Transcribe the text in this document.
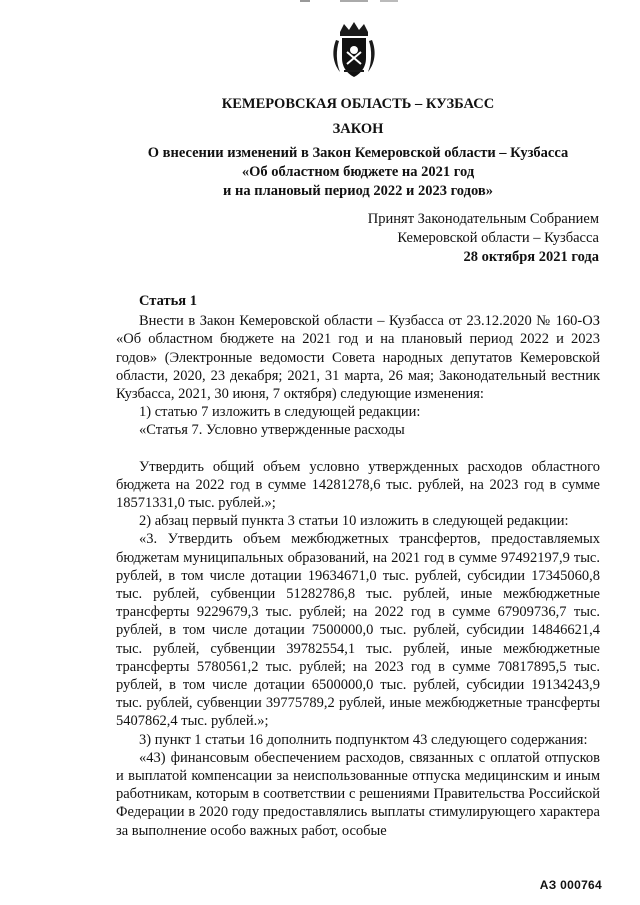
КЕМЕРОВСКАЯ ОБЛАСТЬ – КУЗБАСС
ЗАКОН
О внесении изменений в Закон Кемеровской области – Кузбасса
«Об областном бюджете на 2021 год
и на плановый период 2022 и 2023 годов»
Принят Законодательным Собранием
Кемеровской области – Кузбасса
28 октября 2021 года

Статья 1

Внести в Закон Кемеровской области – Кузбасса от 23.12.2020 № 160-ОЗ «Об областном бюджете на 2021 год и на плановый период 2022 и 2023 годов» (Электронные ведомости Совета народных депутатов Кемеровской области, 2020, 23 декабря; 2021, 31 марта, 26 мая; Законодательный вестник Кузбасса, 2021, 30 июня, 7 октября) следующие изменения:

1) статью 7 изложить в следующей редакции:

«Статья 7. Условно утвержденные расходы

Утвердить общий объем условно утвержденных расходов областного бюджета на 2022 год в сумме 14281278,6 тыс. рублей, на 2023 год в сумме 18571331,0 тыс. рублей.»;

2) абзац первый пункта 3 статьи 10 изложить в следующей редакции:

«3. Утвердить объем межбюджетных трансфертов, предоставляемых бюджетам муниципальных образований, на 2021 год в сумме 97492197,9 тыс. рублей, в том числе дотации 19634671,0 тыс. рублей, субсидии 17345060,8 тыс. рублей, субвенции 51282786,8 тыс. рублей, иные межбюджетные трансферты 9229679,3 тыс. рублей; на 2022 год в сумме 67909736,7 тыс. рублей, в том числе дотации 7500000,0 тыс. рублей, субсидии 14846621,4 тыс. рублей, субвенции 39782554,1 тыс. рублей, иные межбюджетные трансферты 5780561,2 тыс. рублей; на 2023 год в сумме 70817895,5 тыс. рублей, в том числе дотации 6500000,0 тыс. рублей, субсидии 19134243,9 тыс. рублей, субвенции 39775789,2 рублей, иные межбюджетные трансферты 5407862,4 тыс. рублей.»;

3) пункт 1 статьи 16 дополнить подпунктом 43 следующего содержания:

«43) финансовым обеспечением расходов, связанных с оплатой отпусков и выплатой компенсации за неиспользованные отпуска медицинским и иным работникам, которым в соответствии с решениями Правительства Российской Федерации в 2020 году предоставлялись выплаты стимулирующего характера за выполнение особо важных работ, особые

АЗ 000764
